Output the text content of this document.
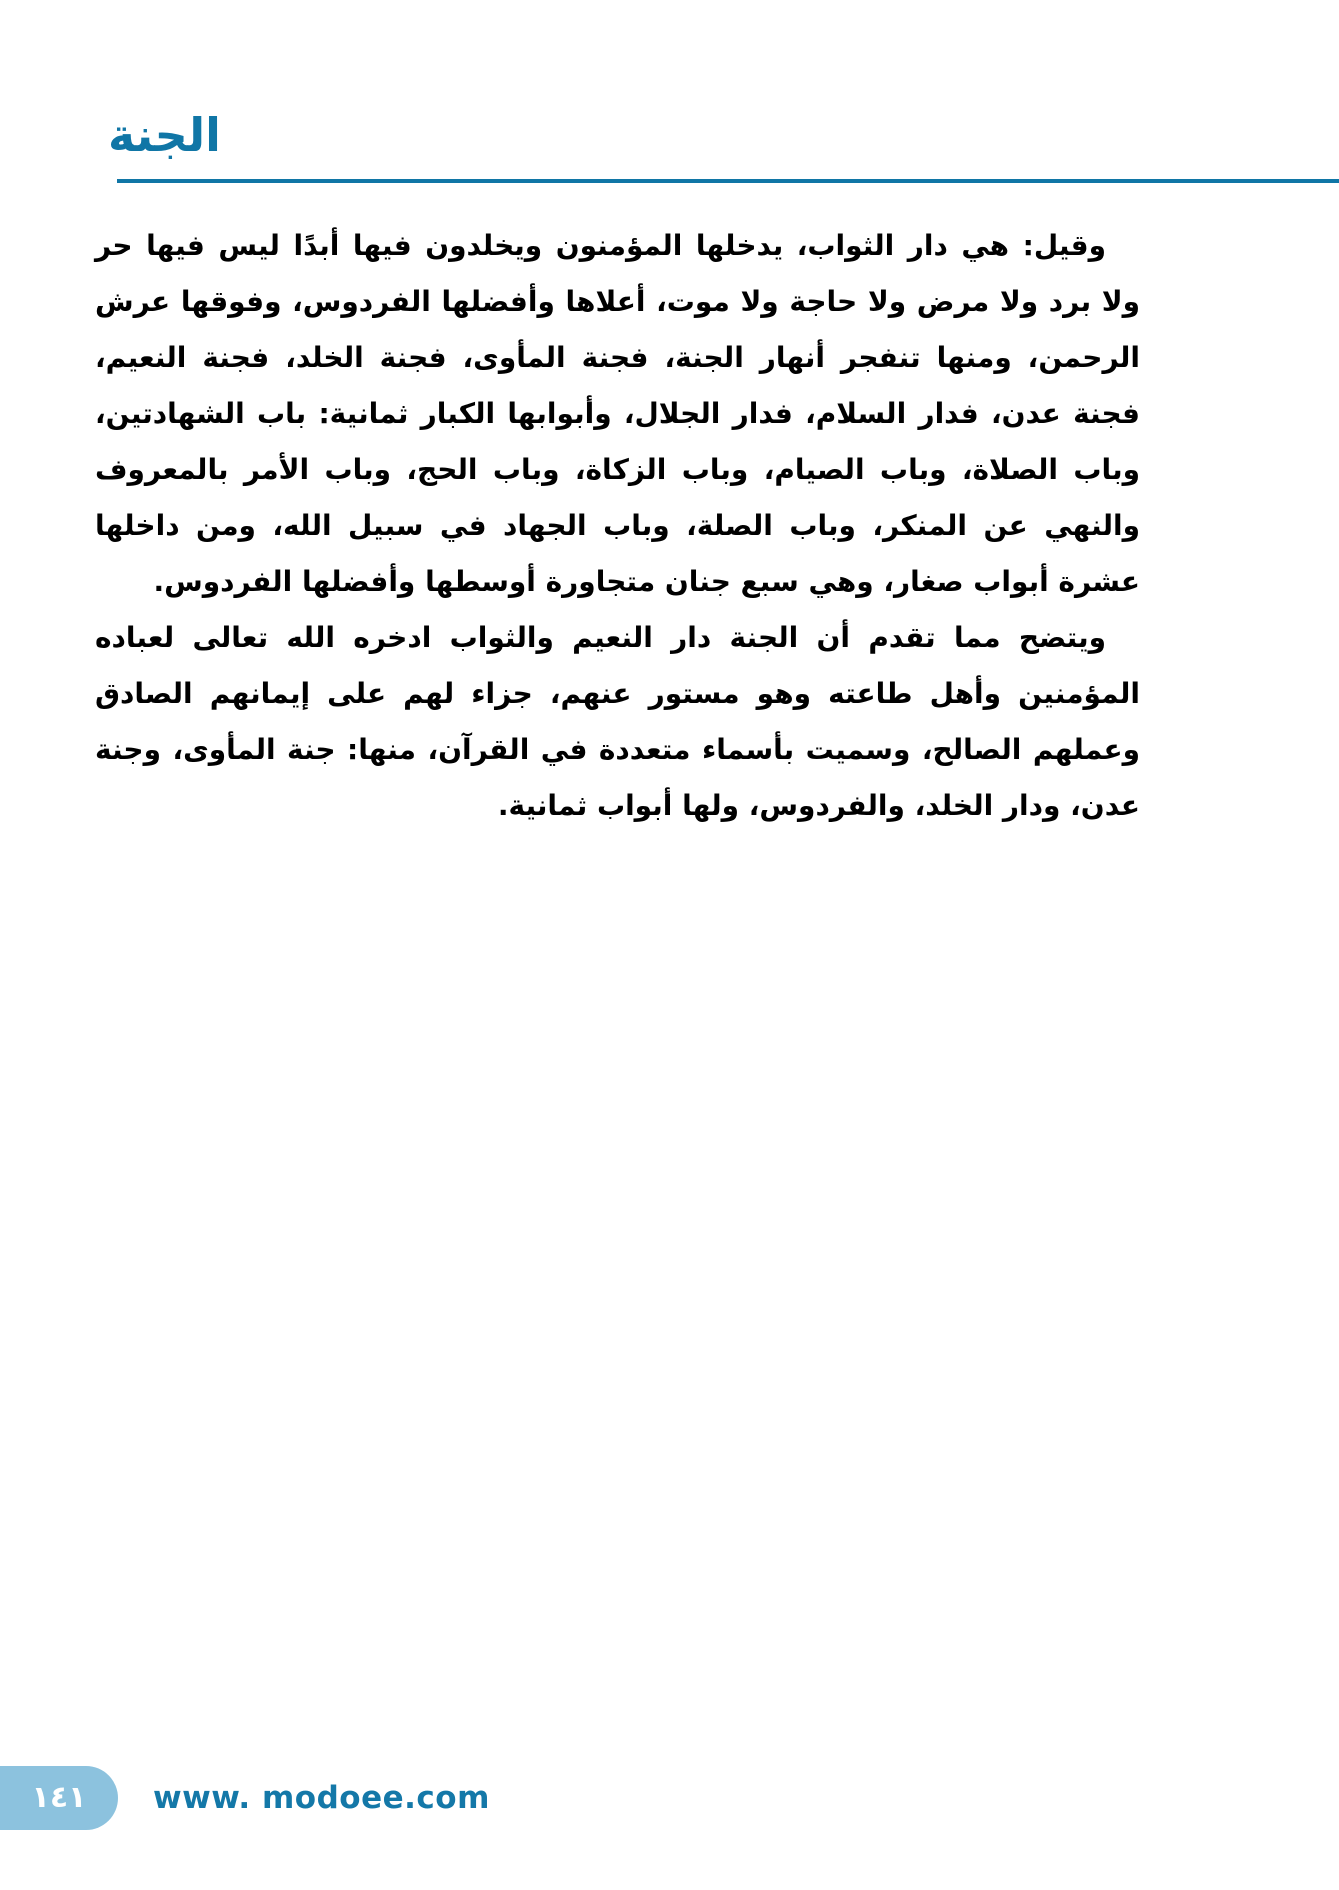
الجنة

وقيل: هي دار الثواب، يدخلها المؤمنون ويخلدون فيها أبدًا ليس فيها حر ولا برد ولا مرض ولا حاجة ولا موت، أعلاها وأفضلها الفردوس، وفوقها عرش الرحمن، ومنها تنفجر أنهار الجنة، فجنة المأوى، فجنة الخلد، فجنة النعيم، فجنة عدن، فدار السلام، فدار الجلال، وأبوابها الكبار ثمانية: باب الشهادتين، وباب الصلاة، وباب الصيام، وباب الزكاة، وباب الحج، وباب الأمر بالمعروف والنهي عن المنكر، وباب الصلة، وباب الجهاد في سبيل الله، ومن داخلها عشرة أبواب صغار، وهي سبع جنان متجاورة أوسطها وأفضلها الفردوس.

ويتضح مما تقدم أن الجنة دار النعيم والثواب ادخره الله تعالى لعباده المؤمنين وأهل طاعته وهو مستور عنهم، جزاء لهم على إيمانهم الصادق وعملهم الصالح، وسميت بأسماء متعددة في القرآن، منها: جنة المأوى، وجنة عدن، ودار الخلد، والفردوس، ولها أبواب ثمانية.

١٤١ www. modoee.com
